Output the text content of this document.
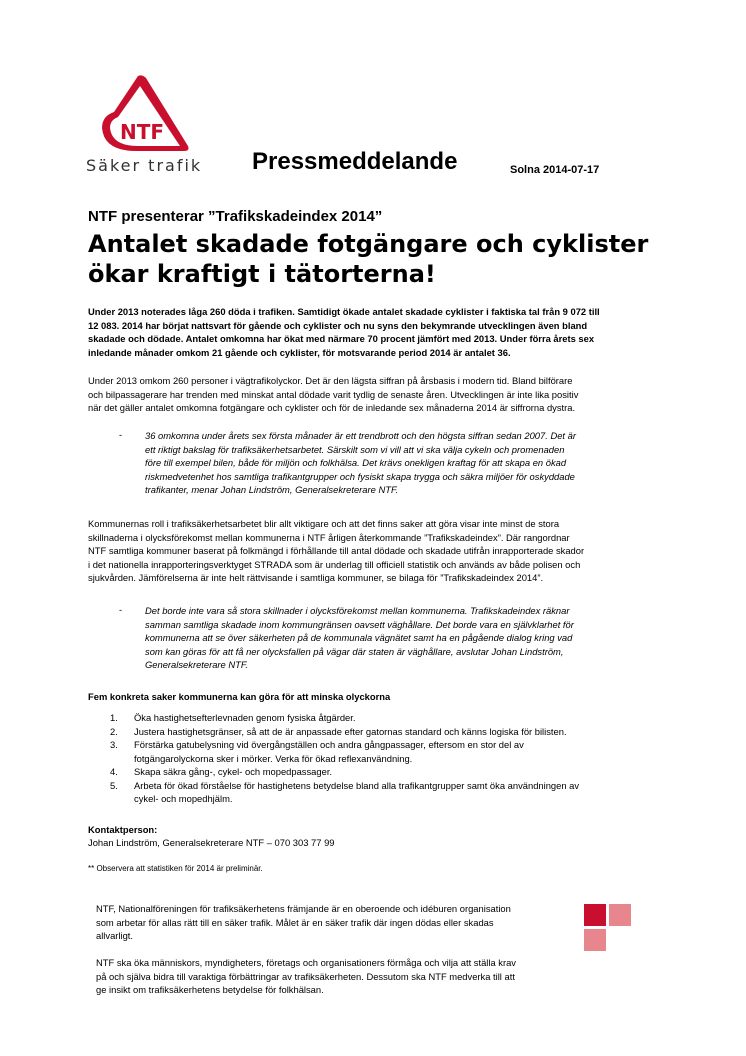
NTF
Säker trafik Pressmeddelande	Solna 2014-07-17
NTF presenterar ”Trafikskadeindex 2014”
Antalet skadade fotgängare och cyklister
ökar kraftigt i tätorterna!
Under 2013 noterades låga 260 döda i trafiken. Samtidigt ökade antalet skadade cyklister i faktiska tal från 9 072 till
12 083. 2014 har börjat nattsvart för gående och cyklister och nu syns den bekymrande utvecklingen även bland
skadade och dödade. Antalet omkomna har ökat med närmare 70 procent jämfört med 2013. Under förra årets sex
inledande månader omkom 21 gående och cyklister, för motsvarande period 2014 är antalet 36.
Under 2013 omkom 260 personer i vägtrafikolyckor. Det är den lägsta siffran på årsbasis i modern tid. Bland bilförare
och bilpassagerare har trenden med minskat antal dödade varit tydlig de senaste åren. Utvecklingen är inte lika positiv
när det gäller antalet omkomna fotgängare och cyklister och för de inledande sex månaderna 2014 är siffrorna dystra.
- 36 omkomna under årets sex första månader är ett trendbrott och den högsta siffran sedan 2007. Det är
ett riktigt bakslag för trafiksäkerhetsarbetet. Särskilt som vi vill att vi ska välja cykeln och promenaden
före till exempel bilen, både för miljön och folkhälsa. Det krävs onekligen kraftag för att skapa en ökad
riskmedvetenhet hos samtliga trafikantgrupper och fysiskt skapa trygga och säkra miljöer för oskyddade
trafikanter, menar Johan Lindström, Generalsekreterare NTF.
Kommunernas roll i trafiksäkerhetsarbetet blir allt viktigare och att det finns saker att göra visar inte minst de stora
skillnaderna i olycksförekomst mellan kommunerna i NTF årligen återkommande ”Trafikskadeindex”. Där rangordnar
NTF samtliga kommuner baserat på folkmängd i förhållande till antal dödade och skadade utifrån inrapporterade skador
i det nationella inrapporteringsverktyget STRADA som är underlag till officiell statistik och används av både polisen och
sjukvården. Jämförelserna är inte helt rättvisande i samtliga kommuner, se bilaga för ”Trafikskadeindex 2014”.
- Det borde inte vara så stora skillnader i olycksförekomst mellan kommunerna. Trafikskadeindex räknar
samman samtliga skadade inom kommungränsen oavsett väghållare. Det borde vara en självklarhet för
kommunerna att se över säkerheten på de kommunala vägnätet samt ha en pågående dialog kring vad
som kan göras för att få ner olycksfallen på vägar där staten är väghållare, avslutar Johan Lindström,
Generalsekreterare NTF.
Fem konkreta saker kommunerna kan göra för att minska olyckorna
1. Öka hastighetsefterlevnaden genom fysiska åtgärder.
2. Justera hastighetsgränser, så att de är anpassade efter gatornas standard och känns logiska för bilisten.
3. Förstärka gatubelysning vid övergångställen och andra gångpassager, eftersom en stor del av
fotgängarolyckorna sker i mörker. Verka för ökad reflexanvändning.
4. Skapa säkra gång-, cykel- och mopedpassager.
5. Arbeta för ökad förståelse för hastighetens betydelse bland alla trafikantgrupper samt öka användningen av
cykel- och mopedhjälm.
Kontaktperson:
Johan Lindström, Generalsekreterare NTF – 070 303 77 99
** Observera att statistiken för 2014 är preliminär.
NTF, Nationalföreningen för trafiksäkerhetens främjande är en oberoende och idéburen organisation
som arbetar för allas rätt till en säker trafik. Målet är en säker trafik där ingen dödas eller skadas
allvarligt.
NTF ska öka människors, myndigheters, företags och organisationers förmåga och vilja att ställa krav
på och själva bidra till varaktiga förbättringar av trafiksäkerheten. Dessutom ska NTF medverka till att
ge insikt om trafiksäkerhetens betydelse för folkhälsan.
